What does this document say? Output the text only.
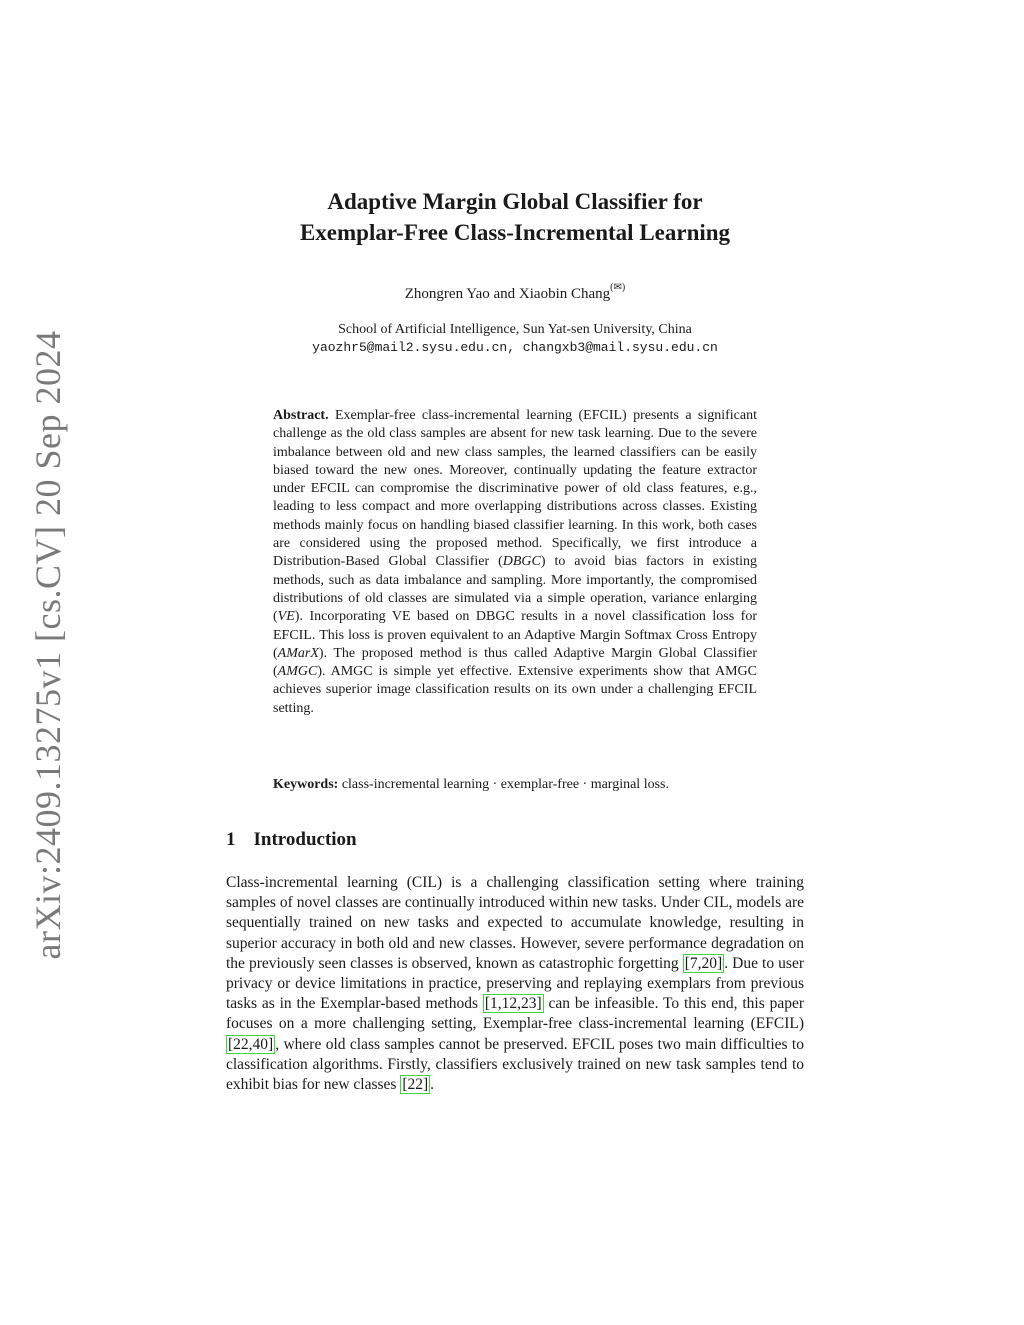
arXiv:2409.13275v1 [cs.CV] 20 Sep 2024
Adaptive Margin Global Classifier for
Exemplar-Free Class-Incremental Learning
Zhongren Yao and Xiaobin Chang(✉)
School of Artificial Intelligence, Sun Yat-sen University, China
yaozhr5@mail2.sysu.edu.cn, changxb3@mail.sysu.edu.cn
Abstract. Exemplar-free class-incremental learning (EFCIL) presents a significant challenge as the old class samples are absent for new task learning. Due to the severe imbalance between old and new class samples, the learned classifiers can be easily biased toward the new ones. Moreover, continually updating the feature extractor under EFCIL can compromise the discriminative power of old class features, e.g., leading to less compact and more overlapping distributions across classes. Existing methods mainly focus on handling biased classifier learning. In this work, both cases are considered using the proposed method. Specifically, we first introduce a Distribution-Based Global Classifier (DBGC) to avoid bias factors in existing methods, such as data imbalance and sampling. More importantly, the compromised distributions of old classes are simulated via a simple operation, variance enlarging (VE). Incorporating VE based on DBGC results in a novel classification loss for EFCIL. This loss is proven equivalent to an Adaptive Margin Softmax Cross Entropy (AMarX). The proposed method is thus called Adaptive Margin Global Classifier (AMGC). AMGC is simple yet effective. Extensive experiments show that AMGC achieves superior image classification results on its own under a challenging EFCIL setting.
Keywords: class-incremental learning · exemplar-free · marginal loss.
1 Introduction
Class-incremental learning (CIL) is a challenging classification setting where training samples of novel classes are continually introduced within new tasks. Under CIL, models are sequentially trained on new tasks and expected to accumulate knowledge, resulting in superior accuracy in both old and new classes. However, severe performance degradation on the previously seen classes is observed, known as catastrophic forgetting [7,20] . Due to user privacy or device limitations in practice, preserving and replaying exemplars from previous tasks as in the Exemplar-based methods [1,12,23] can be infeasible. To this end, this paper focuses on a more challenging setting, Exemplar-free class-incremental learning (EFCIL) [22,40] , where old class samples cannot be preserved. EFCIL poses two main difficulties to classification algorithms. Firstly, classifiers exclusively trained on new task samples tend to exhibit bias for new classes [22] .
